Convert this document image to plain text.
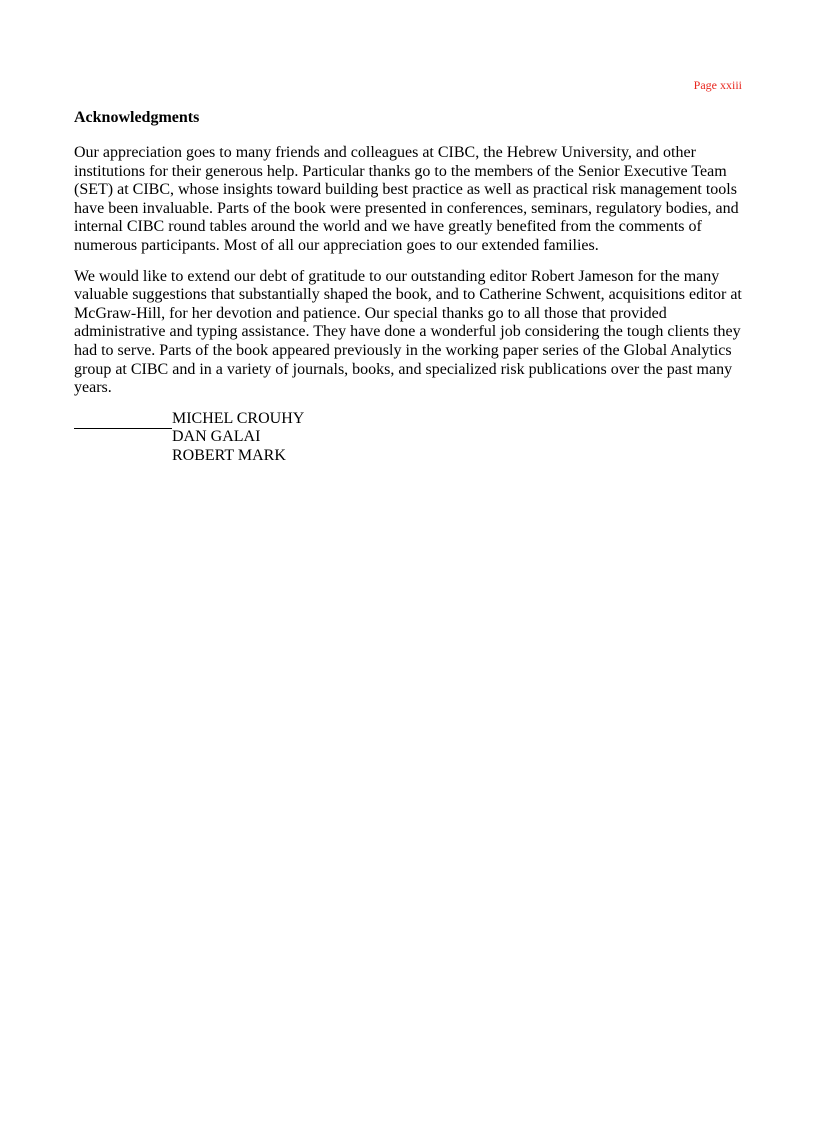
Page xxiii
Acknowledgments

Our appreciation goes to many friends and colleagues at CIBC, the Hebrew University, and other institutions for their generous help. Particular thanks go to the members of the Senior Executive Team (SET) at CIBC, whose insights toward building best practice as well as practical risk management tools have been invaluable. Parts of the book were presented in conferences, seminars, regulatory bodies, and internal CIBC round tables around the world and we have greatly benefited from the comments of numerous participants. Most of all our appreciation goes to our extended families.

We would like to extend our debt of gratitude to our outstanding editor Robert Jameson for the many valuable suggestions that substantially shaped the book, and to Catherine Schwent, acquisitions editor at McGraw-Hill, for her devotion and patience. Our special thanks go to all those that provided administrative and typing assistance. They have done a wonderful job considering the tough clients they had to serve. Parts of the book appeared previously in the working paper series of the Global Analytics group at CIBC and in a variety of journals, books, and specialized risk publications over the past many years.

MICHEL CROUHY
DAN GALAI
ROBERT MARK
